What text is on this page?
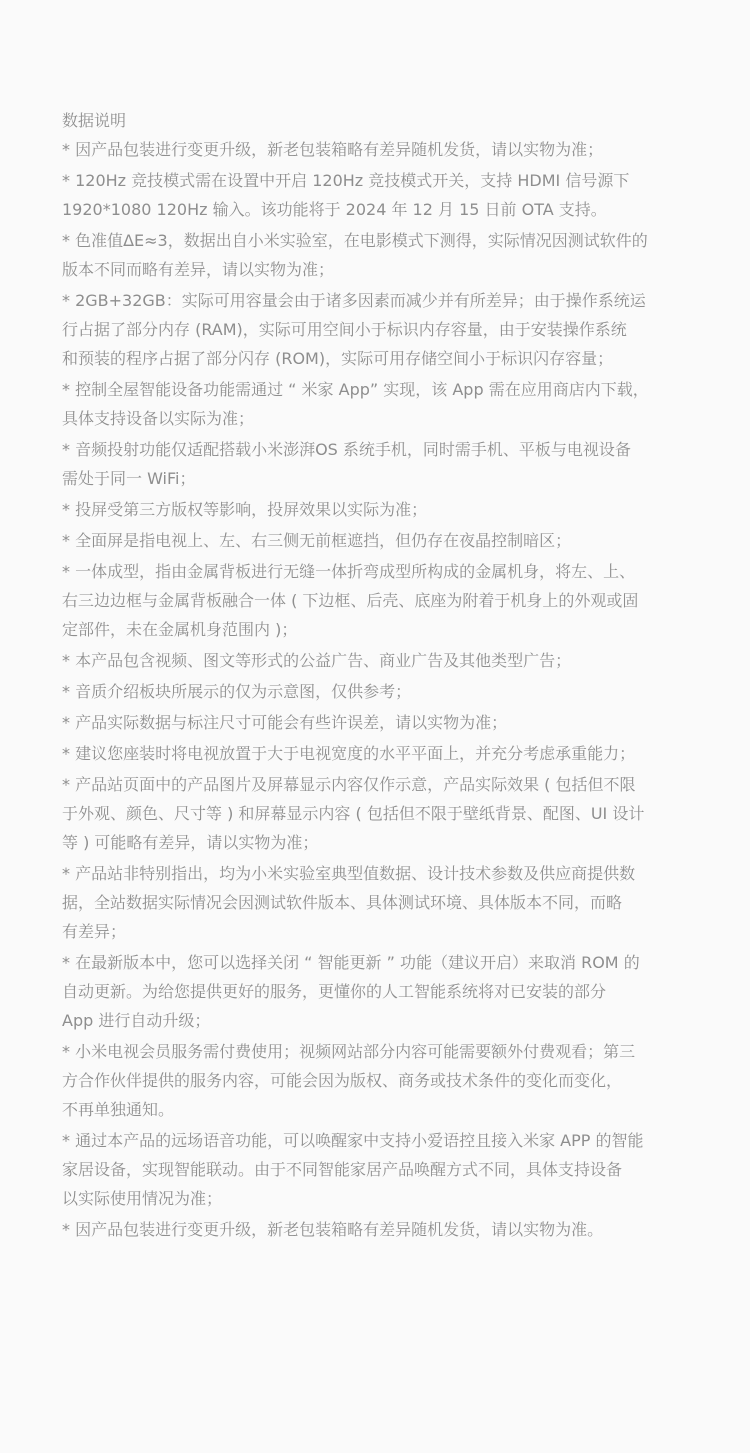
数据说明

* 因产品包装进行变更升级，新老包装箱略有差异随机发货，请以实物为准；

* 120Hz 竞技模式需在设置中开启 120Hz 竞技模式开关，支持 HDMI 信号源下
1920*1080 120Hz 输入。该功能将于 2024 年 12 月 15 日前 OTA 支持。

* 色准值ΔE≈3，数据出自小米实验室，在电影模式下测得，实际情况因测试软件的
版本不同而略有差异，请以实物为准；

* 2GB+32GB：实际可用容量会由于诸多因素而减少并有所差异；由于操作系统运
行占据了部分内存 (RAM)，实际可用空间小于标识内存容量，由于安装操作系统
和预装的程序占据了部分闪存 (ROM)，实际可用存储空间小于标识闪存容量；

* 控制全屋智能设备功能需通过 “ 米家 App” 实现，该 App 需在应用商店内下载，
具体支持设备以实际为准；

* 音频投射功能仅适配搭载小米澎湃OS 系统手机，同时需手机、平板与电视设备
需处于同一 WiFi；

* 投屏受第三方版权等影响，投屏效果以实际为准；

* 全面屏是指电视上、左、右三侧无前框遮挡，但仍存在夜晶控制暗区；

* 一体成型，指由金属背板进行无缝一体折弯成型所构成的金属机身，将左、上、
右三边边框与金属背板融合一体 ( 下边框、后壳、底座为附着于机身上的外观或固
定部件，未在金属机身范围内 )；

* 本产品包含视频、图文等形式的公益广告、商业广告及其他类型广告；

* 音质介绍板块所展示的仅为示意图，仅供参考；

* 产品实际数据与标注尺寸可能会有些许误差，请以实物为准；

* 建议您座装时将电视放置于大于电视宽度的水平平面上，并充分考虑承重能力；

* 产品站页面中的产品图片及屏幕显示内容仅作示意，产品实际效果 ( 包括但不限
于外观、颜色、尺寸等 ) 和屏幕显示内容 ( 包括但不限于壁纸背景、配图、UI 设计
等 ) 可能略有差异，请以实物为准；

* 产品站非特别指出，均为小米实验室典型值数据、设计技术参数及供应商提供数
据，全站数据实际情况会因测试软件版本、具体测试环境、具体版本不同，而略
有差异；

* 在最新版本中，您可以选择关闭 “ 智能更新 ” 功能（建议开启）来取消 ROM 的
自动更新。为给您提供更好的服务，更懂你的人工智能系统将对已安装的部分
App 进行自动升级；

* 小米电视会员服务需付费使用；视频网站部分内容可能需要额外付费观看；第三
方合作伙伴提供的服务内容，可能会因为版权、商务或技术条件的变化而变化，
不再单独通知。

* 通过本产品的远场语音功能，可以唤醒家中支持小爱语控且接入米家 APP 的智能
家居设备，实现智能联动。由于不同智能家居产品唤醒方式不同，具体支持设备
以实际使用情况为准；

* 因产品包装进行变更升级，新老包装箱略有差异随机发货，请以实物为准。
